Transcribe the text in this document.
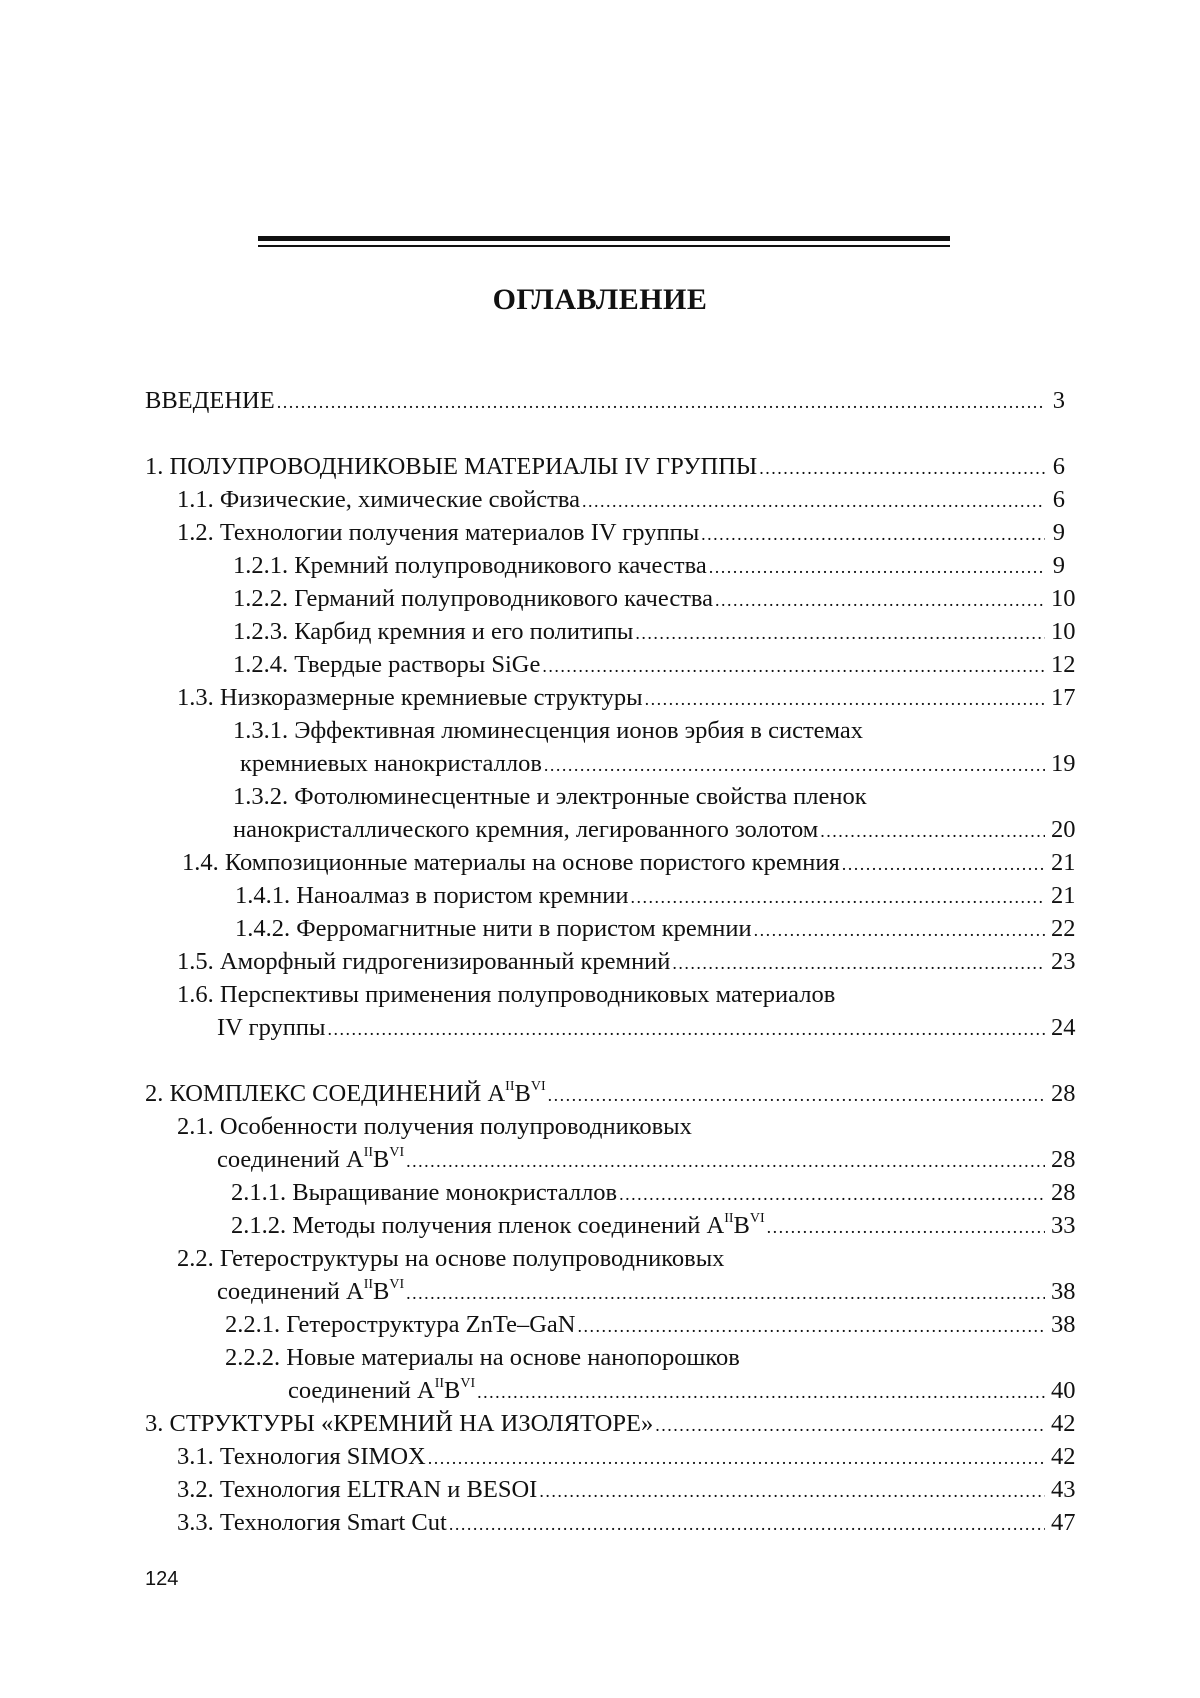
ОГЛАВЛЕНИЕ
ВВЕДЕНИЕ .....	3
1. ПОЛУПРОВОДНИКОВЫЕ МАТЕРИАЛЫ IV ГРУППЫ .....	6
1.1. Физические, химические свойства .....	6
1.2. Технологии получения материалов IV группы .....	9
1.2.1. Кремний полупроводникового качества .....	9
1.2.2. Германий полупроводникового качества .....	10
1.2.3. Карбид кремния и его политипы .....	10
1.2.4. Твердые растворы SiGe .....	12
1.3. Низкоразмерные кремниевые структуры .....	17
1.3.1. Эффективная люминесценция ионов эрбия в системах
кремниевых нанокристаллов .....	19
1.3.2. Фотолюминесцентные и электронные свойства пленок
нанокристаллического кремния, легированного золотом .....	20
1.4. Композиционные материалы на основе пористого кремния .....	21
1.4.1. Наноалмаз в пористом кремнии .....	21
1.4.2. Ферромагнитные нити в пористом кремнии .....	22
1.5. Аморфный гидрогенизированный кремний .....	23
1.6. Перспективы применения полупроводниковых материалов
IV группы .....	24
2. КОМПЛЕКС СОЕДИНЕНИЙ $A^{II}B^{VI}$ .....	28
2.1. Особенности получения полупроводниковых
соединений $A^{II}B^{VI}$ .....	28
2.1.1. Выращивание монокристаллов .....	28
2.1.2. Методы получения пленок соединений $A^{II}B^{VI}$ .....	33
2.2. Гетероструктуры на основе полупроводниковых
соединений $A^{II}B^{VI}$ .....	38
2.2.1. Гетероструктура ZnTe–GaN .....	38
2.2.2. Новые материалы на основе нанопорошков
соединений $A^{II}B^{VI}$ .....	40
3. СТРУКТУРЫ «КРЕМНИЙ НА ИЗОЛЯТОРЕ» .....	42
3.1. Технология SIMOX .....	42
3.2. Технология ELTRAN и BESOI .....	43
3.3. Технология Smart Cut .....	47
124
